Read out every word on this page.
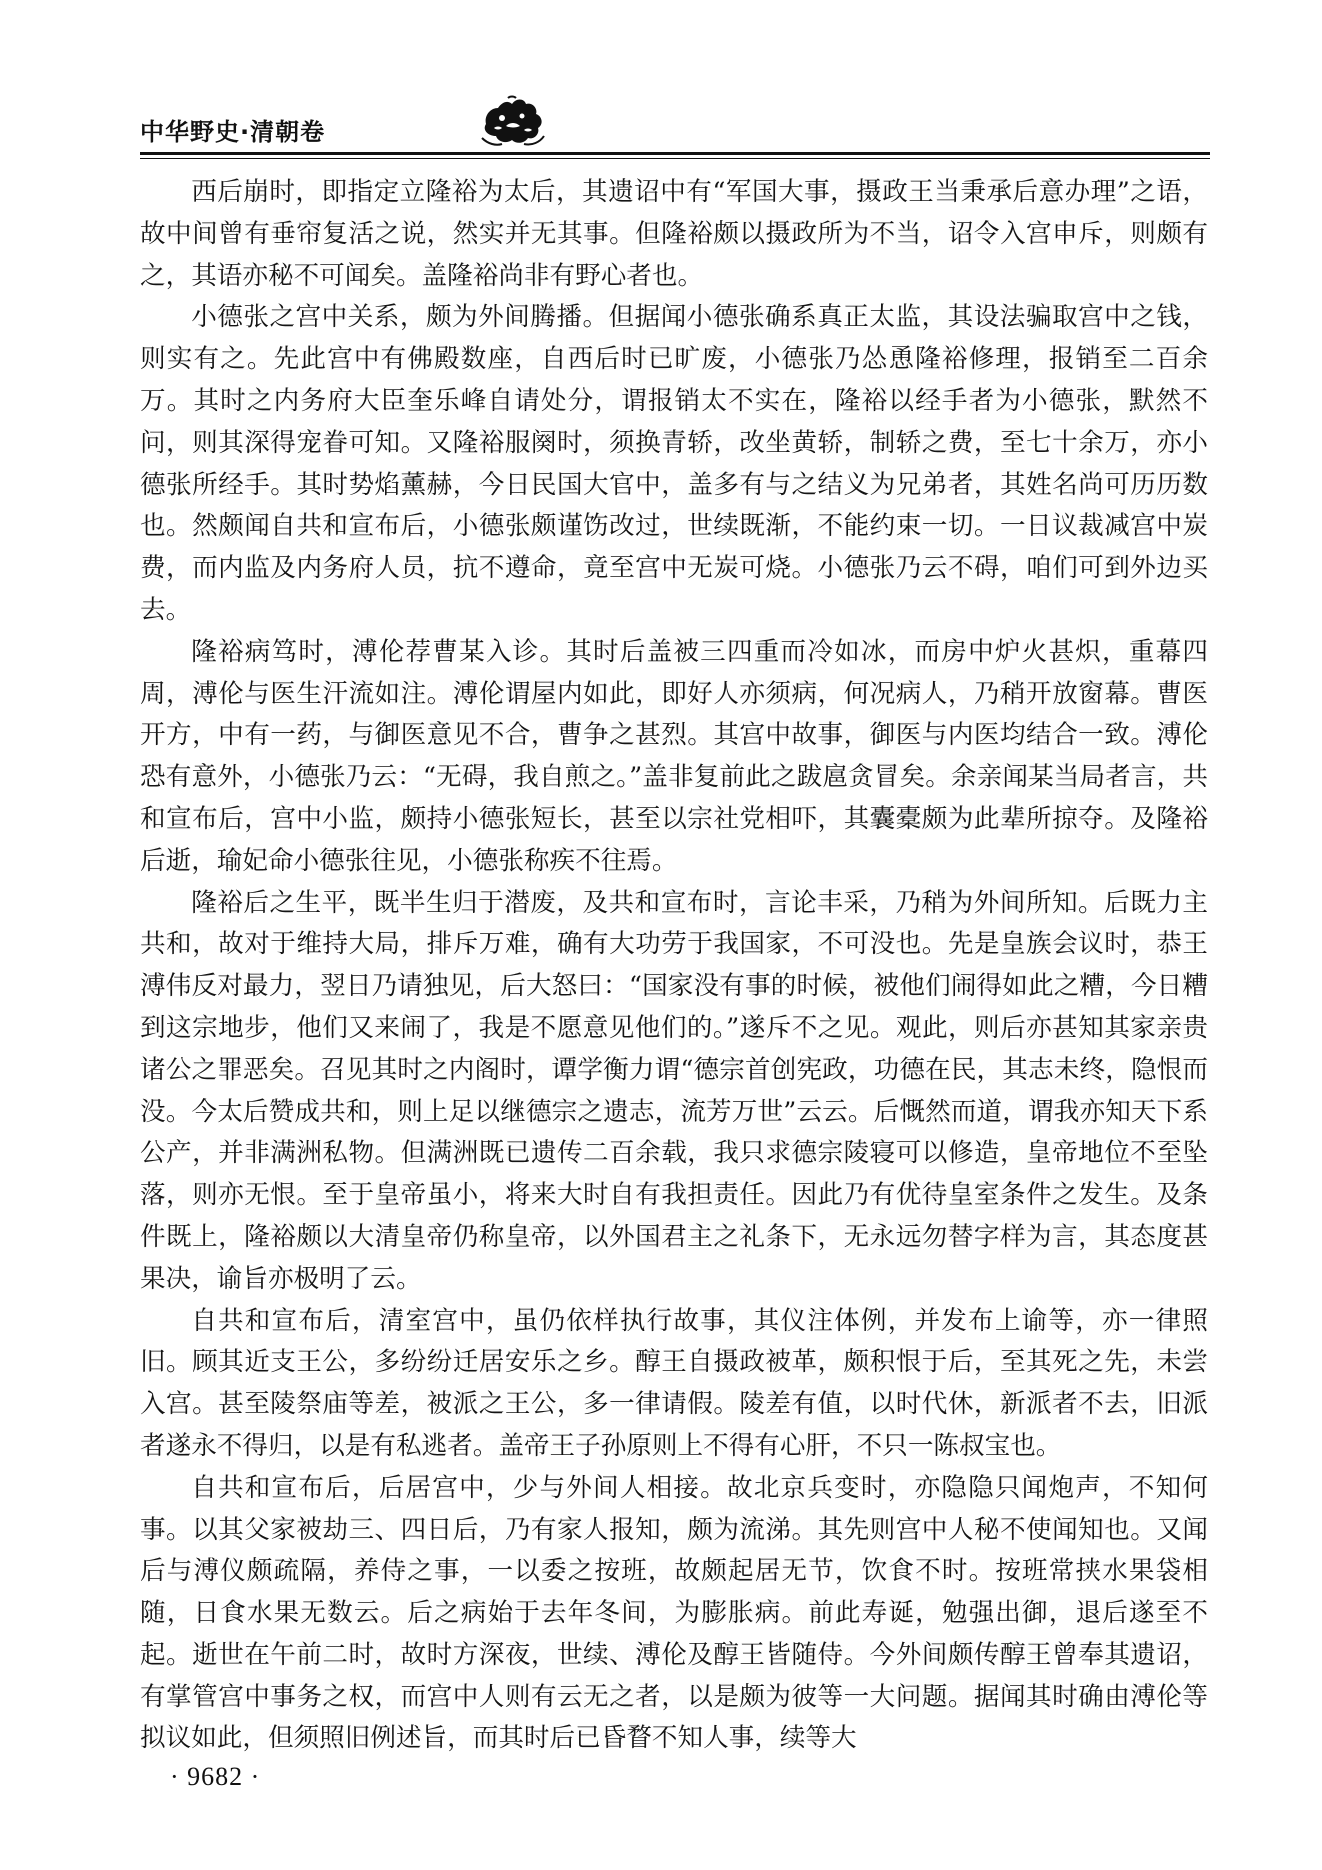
中华野史·清朝卷

西后崩时，即指定立隆裕为太后，其遗诏中有“军国大事，摄政王当秉承后意办理”之语，故中间曾有垂帘复活之说，然实并无其事。但隆裕颇以摄政所为不当，诏令入宫申斥，则颇有之，其语亦秘不可闻矣。盖隆裕尚非有野心者也。

小德张之宫中关系，颇为外间腾播。但据闻小德张确系真正太监，其设法骗取宫中之钱，则实有之。先此宫中有佛殿数座，自西后时已旷废，小德张乃怂恿隆裕修理，报销至二百余万。其时之内务府大臣奎乐峰自请处分，谓报销太不实在，隆裕以经手者为小德张，默然不问，则其深得宠眷可知。又隆裕服阕时，须换青轿，改坐黄轿，制轿之费，至七十余万，亦小德张所经手。其时势焰薰赫，今日民国大官中，盖多有与之结义为兄弟者，其姓名尚可历历数也。然颇闻自共和宣布后，小德张颇谨饬改过，世续既渐，不能约束一切。一日议裁减宫中炭费，而内监及内务府人员，抗不遵命，竟至宫中无炭可烧。小德张乃云不碍，咱们可到外边买去。

隆裕病笃时，溥伦荐曹某入诊。其时后盖被三四重而冷如冰，而房中炉火甚炽，重幕四周，溥伦与医生汗流如注。溥伦谓屋内如此，即好人亦须病，何况病人，乃稍开放窗幕。曹医开方，中有一药，与御医意见不合，曹争之甚烈。其宫中故事，御医与内医均结合一致。溥伦恐有意外，小德张乃云：“无碍，我自煎之。”盖非复前此之跋扈贪冒矣。余亲闻某当局者言，共和宣布后，宫中小监，颇持小德张短长，甚至以宗社党相吓，其囊橐颇为此辈所掠夺。及隆裕后逝，瑜妃命小德张往见，小德张称疾不往焉。

隆裕后之生平，既半生归于潜废，及共和宣布时，言论丰采，乃稍为外间所知。后既力主共和，故对于维持大局，排斥万难，确有大功劳于我国家，不可没也。先是皇族会议时，恭王溥伟反对最力，翌日乃请独见，后大怒曰：“国家没有事的时候，被他们闹得如此之糟，今日糟到这宗地步，他们又来闹了，我是不愿意见他们的。”遂斥不之见。观此，则后亦甚知其家亲贵诸公之罪恶矣。召见其时之内阁时，谭学衡力谓“德宗首创宪政，功德在民，其志未终，隐恨而没。今太后赞成共和，则上足以继德宗之遗志，流芳万世”云云。后慨然而道，谓我亦知天下系公产，并非满洲私物。但满洲既已遗传二百余载，我只求德宗陵寝可以修造，皇帝地位不至坠落，则亦无恨。至于皇帝虽小，将来大时自有我担责任。因此乃有优待皇室条件之发生。及条件既上，隆裕颇以大清皇帝仍称皇帝，以外国君主之礼条下，无永远勿替字样为言，其态度甚果决，谕旨亦极明了云。

自共和宣布后，清室宫中，虽仍依样执行故事，其仪注体例，并发布上谕等，亦一律照旧。顾其近支王公，多纷纷迁居安乐之乡。醇王自摄政被革，颇积恨于后，至其死之先，未尝入宫。甚至陵祭庙等差，被派之王公，多一律请假。陵差有值，以时代休，新派者不去，旧派者遂永不得归，以是有私逃者。盖帝王子孙原则上不得有心肝，不只一陈叔宝也。

自共和宣布后，后居宫中，少与外间人相接。故北京兵变时，亦隐隐只闻炮声，不知何事。以其父家被劫三、四日后，乃有家人报知，颇为流涕。其先则宫中人秘不使闻知也。又闻后与溥仪颇疏隔，养侍之事，一以委之按班，故颇起居无节，饮食不时。按班常挟水果袋相随，日食水果无数云。后之病始于去年冬间，为膨胀病。前此寿诞，勉强出御，退后遂至不起。逝世在午前二时，故时方深夜，世续、溥伦及醇王皆随侍。今外间颇传醇王曾奉其遗诏，有掌管宫中事务之权，而宫中人则有云无之者，以是颇为彼等一大问题。据闻其时确由溥伦等拟议如此，但须照旧例述旨，而其时后已昏瞀不知人事，续等大

· 9682 ·
